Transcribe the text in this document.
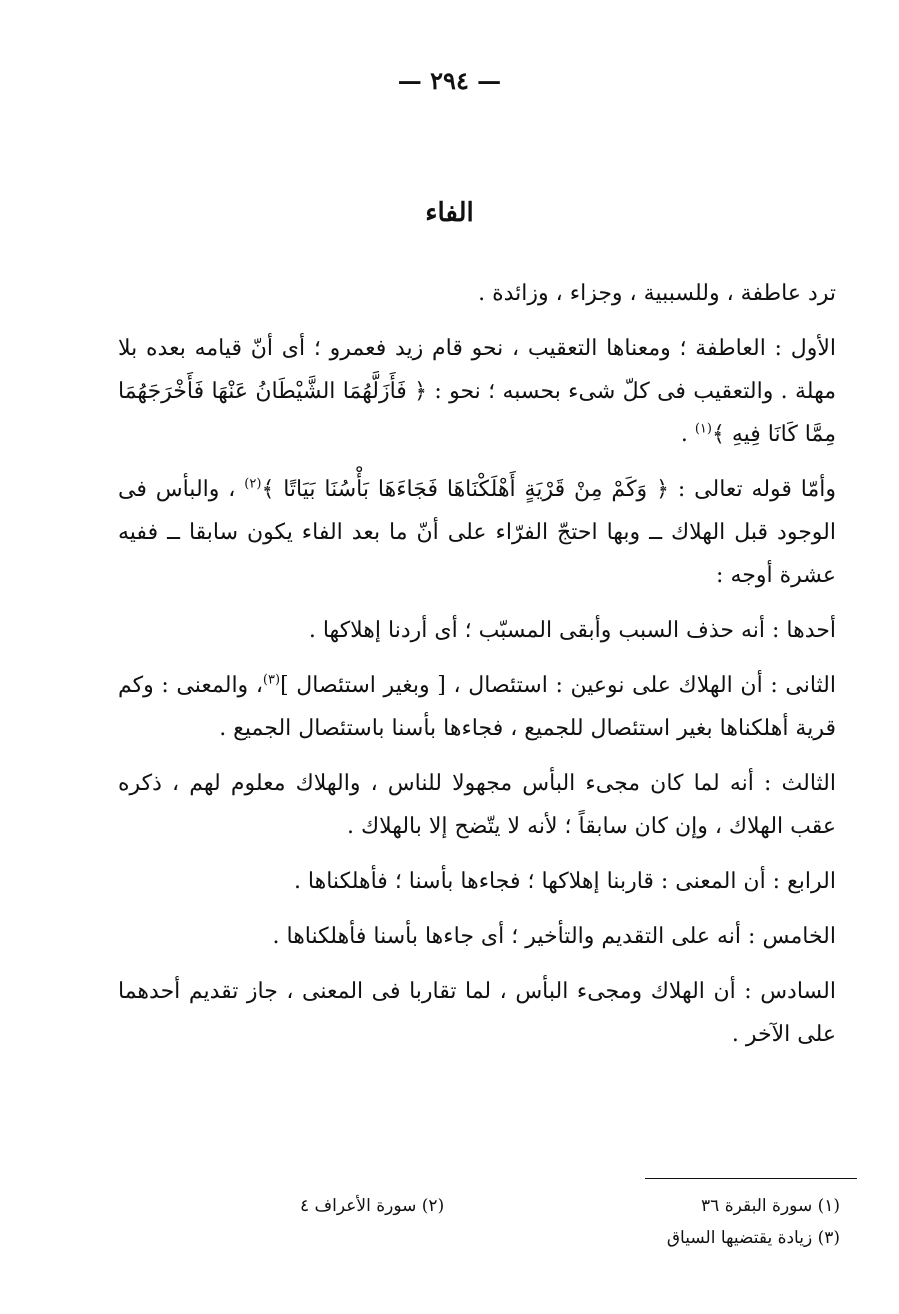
— ٢٩٤ —
الفاء

ترد عاطفة ، وللسببية ، وجزاء ، وزائدة .

الأول : العاطفة ؛ ومعناها التعقيب ، نحو قام زيد فعمرو ؛ أى أنّ قيامه بعده بلا مهلة . والتعقيب فى كلّ شىء بحسبه ؛ نحو : ﴿ فَأَزَلَّهُمَا الشَّيْطَانُ عَنْهَا فَأَخْرَجَهُمَا مِمَّا كَانَا فِيهِ ﴾$^{(١)}$ .

وأمّا قوله تعالى : ﴿ وَكَمْ مِنْ قَرْيَةٍ أَهْلَكْنَاهَا فَجَاءَهَا بَأْسُنَا بَيَاتًا ﴾$^{(٢)}$ ، والبأس فى الوجود قبل الهلاك ــ وبها احتجّ الفرّاء على أنّ ما بعد الفاء يكون سابقا ــ ففيه عشرة أوجه :

أحدها : أنه حذف السبب وأبقى المسبّب ؛ أى أردنا إهلاكها .

الثانى : أن الهلاك على نوعين : استئصال ، [ وبغير استئصال ]$^{(٣)}$، والمعنى : وكم قرية أهلكناها بغير استئصال للجميع ، فجاءها بأسنا باستئصال الجميع .

الثالث : أنه لما كان مجىء البأس مجهولا للناس ، والهلاك معلوم لهم ، ذكره عقب الهلاك ، وإن كان سابقاً ؛ لأنه لا يتّضح إلا بالهلاك .

الرابع : أن المعنى : قاربنا إهلاكها ؛ فجاءها بأسنا ؛ فأهلكناها .

الخامس : أنه على التقديم والتأخير ؛ أى جاءها بأسنا فأهلكناها .

السادس : أن الهلاك ومجىء البأس ، لما تقاربا فى المعنى ، جاز تقديم أحدهما على الآخر .

(١) سورة البقرة ٣٦
(٢) سورة الأعراف ٤
(٣) زيادة يقتضيها السياق
